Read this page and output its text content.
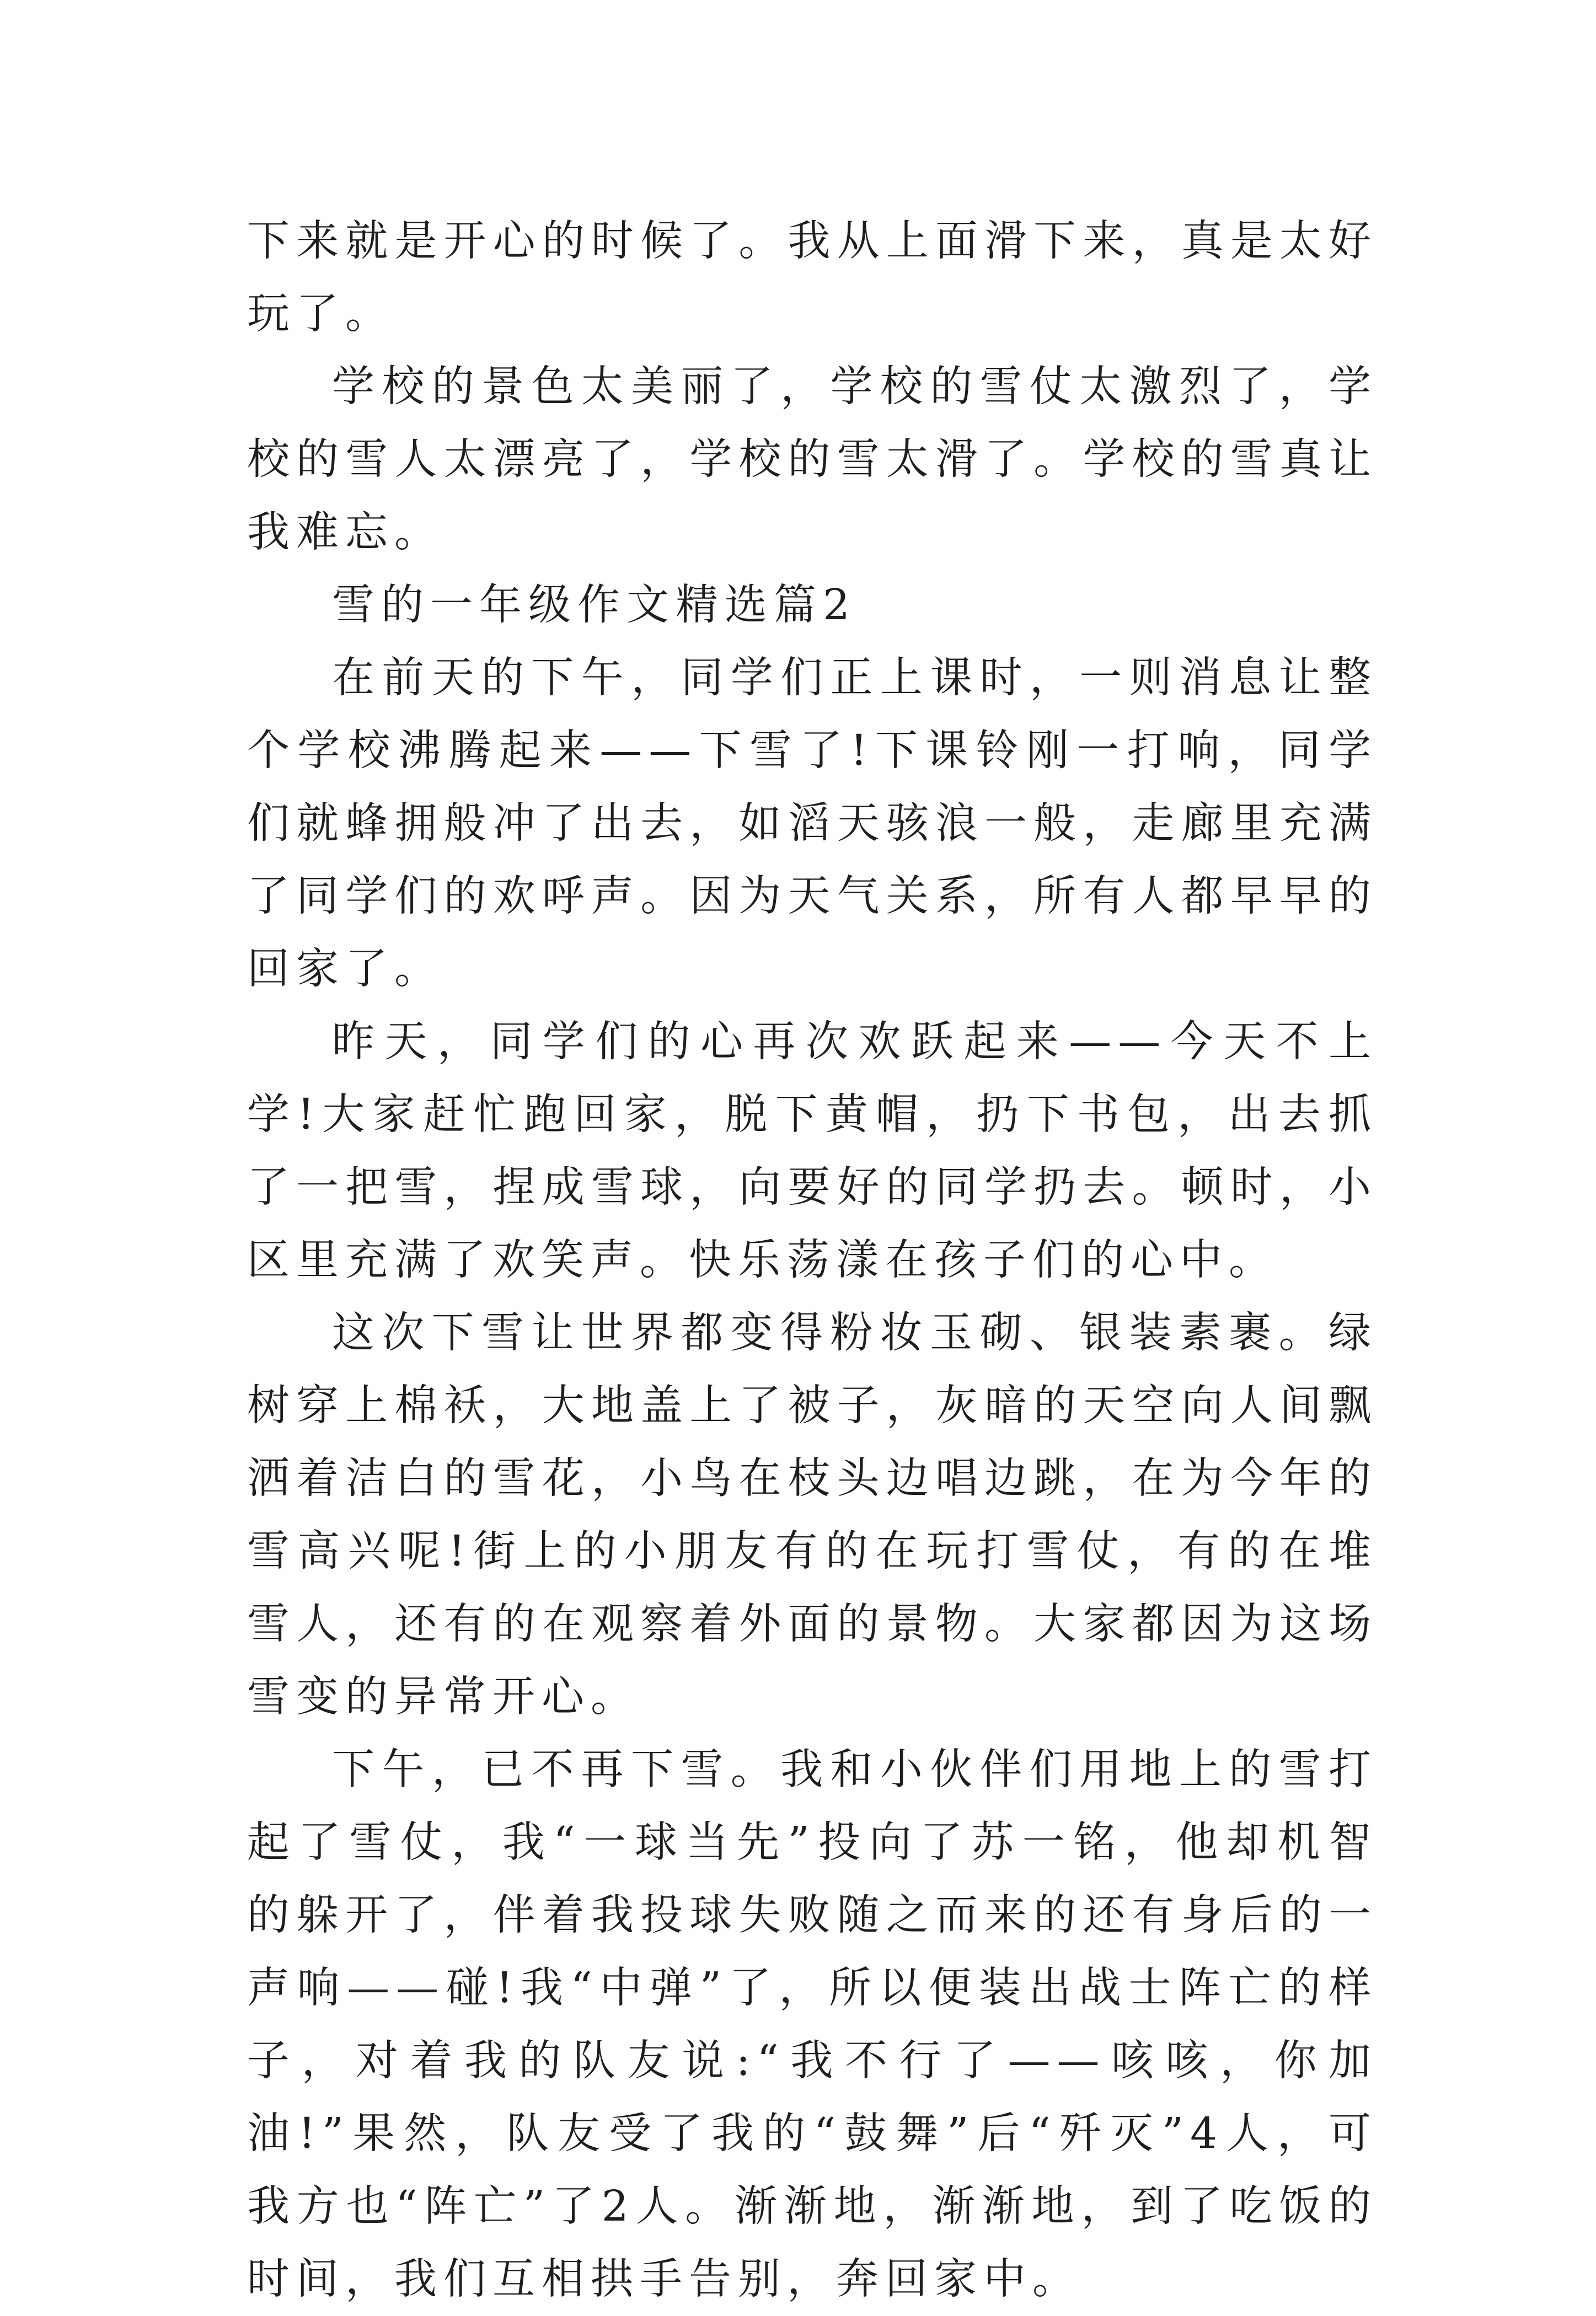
下来就是开心的时候了。我从上面滑下来，真是太好玩了。

学校的景色太美丽了，学校的雪仗太激烈了，学校的雪人太漂亮了，学校的雪太滑了。学校的雪真让我难忘。

雪的一年级作文精选篇2

在前天的下午，同学们正上课时，一则消息让整个学校沸腾起来——下雪了!下课铃刚一打响，同学们就蜂拥般冲了出去，如滔天骇浪一般，走廊里充满了同学们的欢呼声。因为天气关系，所有人都早早的回家了。

昨天，同学们的心再次欢跃起来——今天不上学!大家赶忙跑回家，脱下黄帽，扔下书包，出去抓了一把雪，捏成雪球，向要好的同学扔去。顿时，小区里充满了欢笑声。快乐荡漾在孩子们的心中。

这次下雪让世界都变得粉妆玉砌、银装素裹。绿树穿上棉袄，大地盖上了被子，灰暗的天空向人间飘洒着洁白的雪花，小鸟在枝头边唱边跳，在为今年的雪高兴呢!街上的小朋友有的在玩打雪仗，有的在堆雪人，还有的在观察着外面的景物。大家都因为这场雪变的异常开心。

下午，已不再下雪。我和小伙伴们用地上的雪打起了雪仗，我“一球当先”投向了苏一铭，他却机智的躲开了，伴着我投球失败随之而来的还有身后的一声响——碰!我“中弹”了，所以便装出战士阵亡的样子，对着我的队友说:“我不行了——咳咳，你加油!”果然，队友受了我的“鼓舞”后“歼灭”4人，可我方也“阵亡”了2人。渐渐地，渐渐地，到了吃饭的时间，我们互相拱手告别，奔回家中。
